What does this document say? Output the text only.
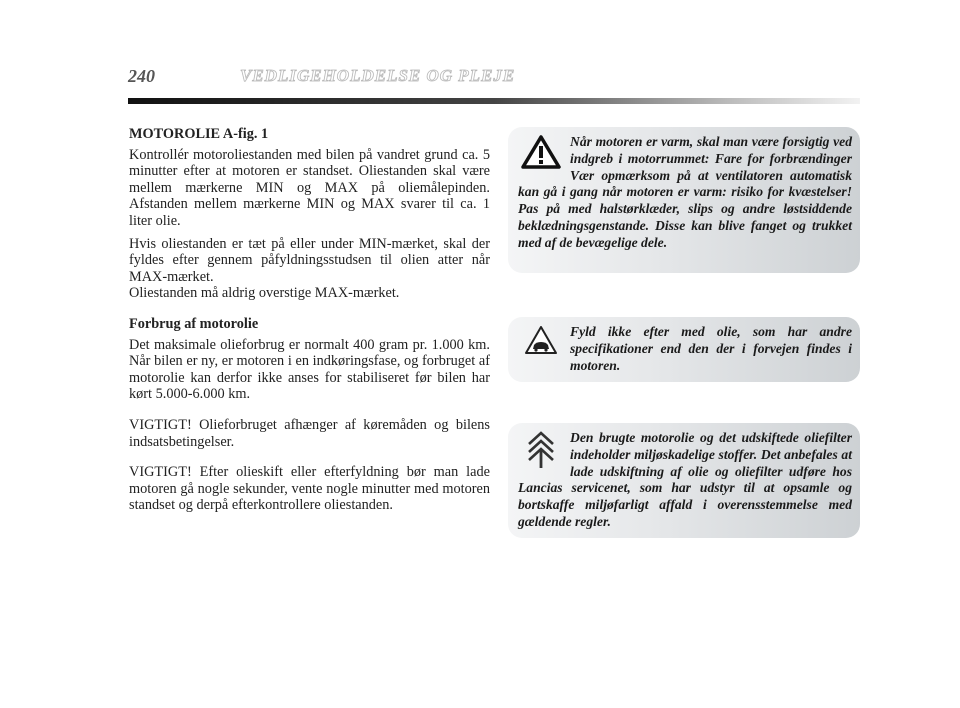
240	VEDLIGEHOLDELSE OG PLEJE

MOTOROLIE A-fig. 1

Kontrollér motoroliestanden med bilen på vandret grund ca. 5 minutter efter at motoren er standset. Oliestanden skal være mellem mærkerne MIN og MAX på oliemålepinden. Afstanden mellem mærkerne MIN og MAX svarer til ca. 1 liter olie.

Hvis oliestanden er tæt på eller under MIN-mærket, skal der fyldes efter gennem påfyldningsstudsen til olien atter når MAX-mærket.

Oliestanden må aldrig overstige MAX-mærket.

Forbrug af motorolie

Det maksimale olieforbrug er normalt 400 gram pr. 1.000 km. Når bilen er ny, er motoren i en indkøringsfase, og forbruget af motorolie kan derfor ikke anses for stabiliseret før bilen har kørt 5.000-6.000 km.

VIGTIGT! Olieforbruget afhænger af køremåden og bilens indsatsbetingelser.

VIGTIGT! Efter olieskift eller efterfyldning bør man lade motoren gå nogle sekunder, vente nogle minutter med motoren standset og derpå efterkontrollere oliestanden.

Når motoren er varm, skal man være forsigtig ved indgreb i motorrummet: Fare for forbrændinger Vær opmærksom på at ventilatoren automatisk kan gå i gang når motoren er varm: risiko for kvæstelser! Pas på med halstørklæder, slips og andre løstsiddende beklædningsgenstande. Disse kan blive fanget og trukket med af de bevægelige dele.
Fyld ikke efter med olie, som har andre specifikationer end den der i forvejen findes i motoren.
Den brugte motorolie og det udskiftede oliefilter indeholder miljøskadelige stoffer. Det anbefales at lade udskiftning af olie og oliefilter udføre hos Lancias servicenet, som har udstyr til at opsamle og bortskaffe miljøfarligt affald i overensstemmelse med gældende regler.
